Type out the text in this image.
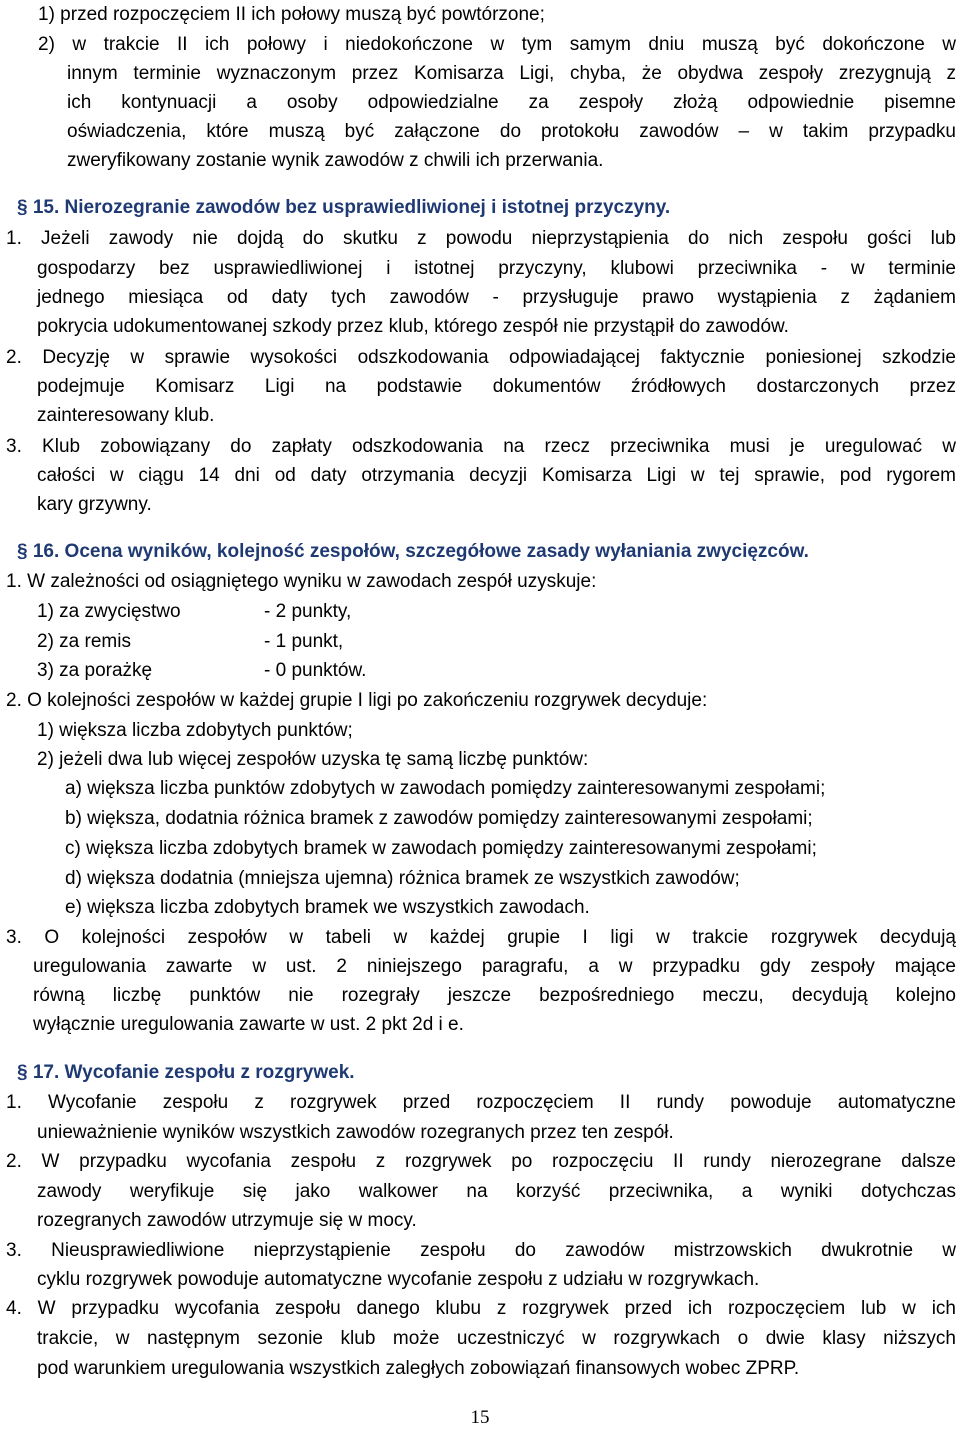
1) przed rozpoczęciem II ich połowy muszą być powtórzone;
2) w trakcie II ich połowy i niedokończone w tym samym dniu muszą być dokończone w
innym terminie wyznaczonym przez Komisarza Ligi, chyba, że obydwa zespoły zrezygnują z
ich kontynuacji a osoby odpowiedzialne za zespoły złożą odpowiednie pisemne
oświadczenia, które muszą być załączone do protokołu zawodów – w takim przypadku
zweryfikowany zostanie wynik zawodów z chwili ich przerwania.
§ 15. Nierozegranie zawodów bez usprawiedliwionej i istotnej przyczyny.
1. Jeżeli zawody nie dojdą do skutku z powodu nieprzystąpienia do nich zespołu gości lub
gospodarzy bez usprawiedliwionej i istotnej przyczyny, klubowi przeciwnika - w terminie
jednego miesiąca od daty tych zawodów - przysługuje prawo wystąpienia z żądaniem
pokrycia udokumentowanej szkody przez klub, którego zespół nie przystąpił do zawodów.
2. Decyzję w sprawie wysokości odszkodowania odpowiadającej faktycznie poniesionej szkodzie
podejmuje Komisarz Ligi na podstawie dokumentów źródłowych dostarczonych przez
zainteresowany klub.
3. Klub zobowiązany do zapłaty odszkodowania na rzecz przeciwnika musi je uregulować w
całości w ciągu 14 dni od daty otrzymania decyzji Komisarza Ligi w tej sprawie, pod rygorem
kary grzywny.
§ 16. Ocena wyników, kolejność zespołów, szczegółowe zasady wyłaniania zwycięzców.
1. W zależności od osiągniętego wyniku w zawodach zespół uzyskuje:
1) za zwycięstwo	- 2 punkty,
2) za remis	- 1 punkt,
3) za porażkę	- 0 punktów.
2. O kolejności zespołów w każdej grupie I ligi po zakończeniu rozgrywek decyduje:
1) większa liczba zdobytych punktów;
2) jeżeli dwa lub więcej zespołów uzyska tę samą liczbę punktów:
a) większa liczba punktów zdobytych w zawodach pomiędzy zainteresowanymi zespołami;
b) większa, dodatnia różnica bramek z zawodów pomiędzy zainteresowanymi zespołami;
c) większa liczba zdobytych bramek w zawodach pomiędzy zainteresowanymi zespołami;
d) większa dodatnia (mniejsza ujemna) różnica bramek ze wszystkich zawodów;
e) większa liczba zdobytych bramek we wszystkich zawodach.
3. O kolejności zespołów w tabeli w każdej grupie I ligi w trakcie rozgrywek decydują
uregulowania zawarte w ust. 2 niniejszego paragrafu, a w przypadku gdy zespoły mające
równą liczbę punktów nie rozegrały jeszcze bezpośredniego meczu, decydują kolejno
wyłącznie uregulowania zawarte w ust. 2 pkt 2d i e.
§ 17. Wycofanie zespołu z rozgrywek.
1. Wycofanie zespołu z rozgrywek przed rozpoczęciem II rundy powoduje automatyczne
unieważnienie wyników wszystkich zawodów rozegranych przez ten zespół.
2. W przypadku wycofania zespołu z rozgrywek po rozpoczęciu II rundy nierozegrane dalsze
zawody weryfikuje się jako walkower na korzyść przeciwnika, a wyniki dotychczas
rozegranych zawodów utrzymuje się w mocy.
3. Nieusprawiedliwione nieprzystąpienie zespołu do zawodów mistrzowskich dwukrotnie w
cyklu rozgrywek powoduje automatyczne wycofanie zespołu z udziału w rozgrywkach.
4. W przypadku wycofania zespołu danego klubu z rozgrywek przed ich rozpoczęciem lub w ich
trakcie, w następnym sezonie klub może uczestniczyć w rozgrywkach o dwie klasy niższych
pod warunkiem uregulowania wszystkich zaległych zobowiązań finansowych wobec ZPRP.
15
